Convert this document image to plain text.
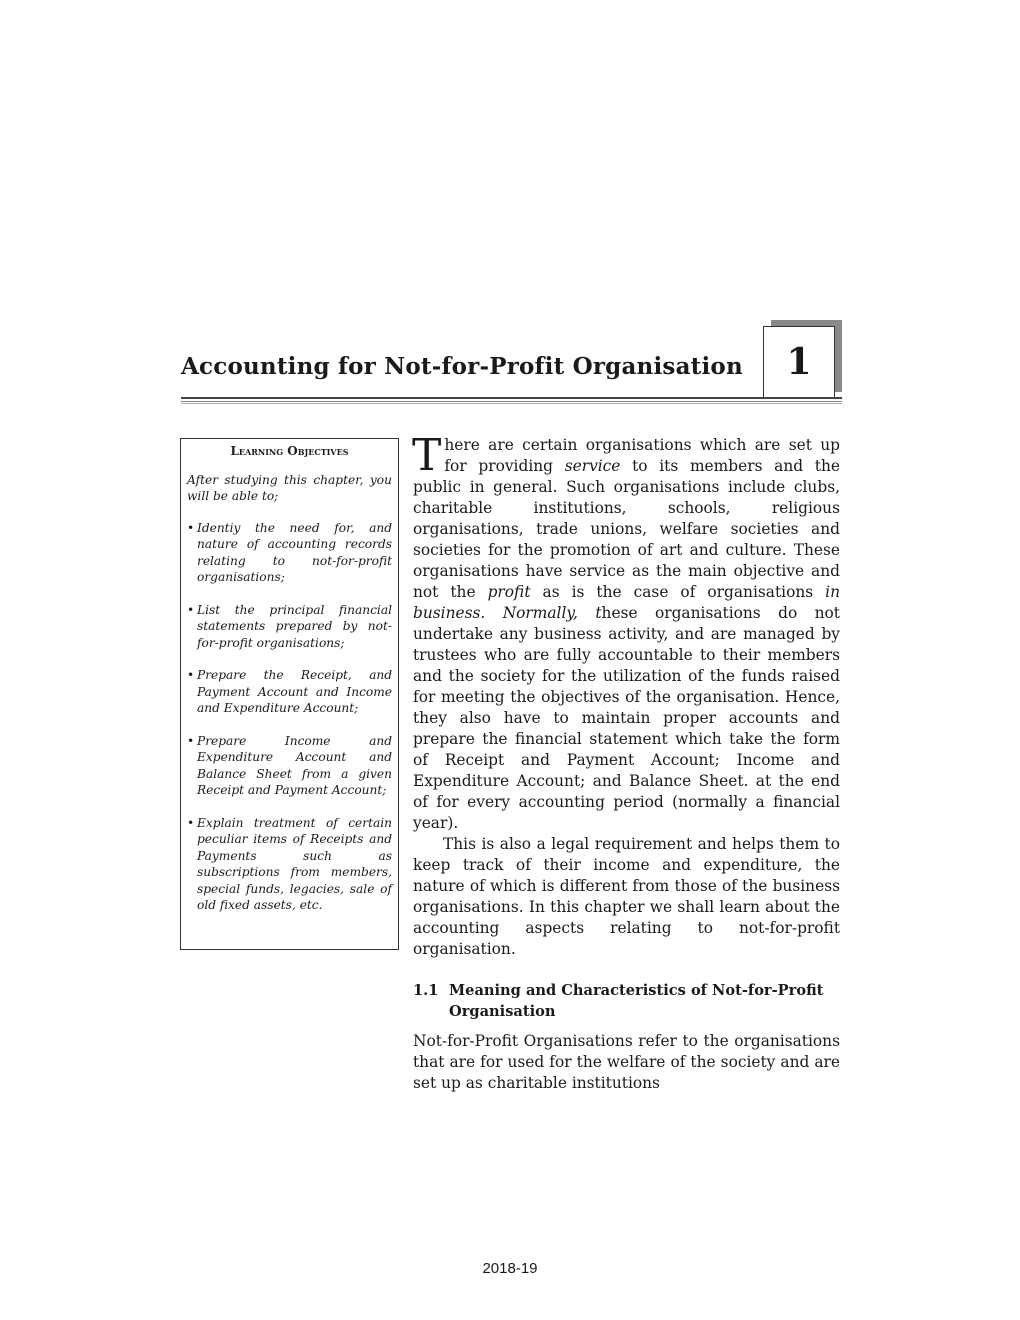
Accounting for Not-for-Profit Organisation	1
Learning Objectives

After studying this chapter, you will be able to;

• Identiy the need for, and nature of accounting records relating to not-for-profit organisations;
• List the principal financial statements prepared by not-for-profit organisations;
• Prepare the Receipt, and Payment Account and Income and Expenditure Account;
• Prepare Income and Expenditure Account and Balance Sheet from a given Receipt and Payment Account;
• Explain treatment of certain peculiar items of Receipts and Payments such as subscriptions from members, special funds, legacies, sale of old fixed assets, etc.

There are certain organisations which are set up for providing service to its members and the public in general. Such organisations include clubs, charitable institutions, schools, religious organisations, trade unions, welfare societies and societies for the promotion of art and culture. These organisations have service as the main objective and not the profit as is the case of organisations in business. Normally, these organisations do not undertake any business activity, and are managed by trustees who are fully accountable to their members and the society for the utilization of the funds raised for meeting the objectives of the organisation. Hence, they also have to maintain proper accounts and prepare the financial statement which take the form of Receipt and Payment Account; Income and Expenditure Account; and Balance Sheet. at the end of for every accounting period (normally a financial year).

This is also a legal requirement and helps them to keep track of their income and expenditure, the nature of which is different from those of the business organisations. In this chapter we shall learn about the accounting aspects relating to not-for-profit organisation.

1.1 Meaning and Characteristics of Not-for-Profit Organisation

Not-for-Profit Organisations refer to the organisations that are for used for the welfare of the society and are set up as charitable institutions

2018-19
